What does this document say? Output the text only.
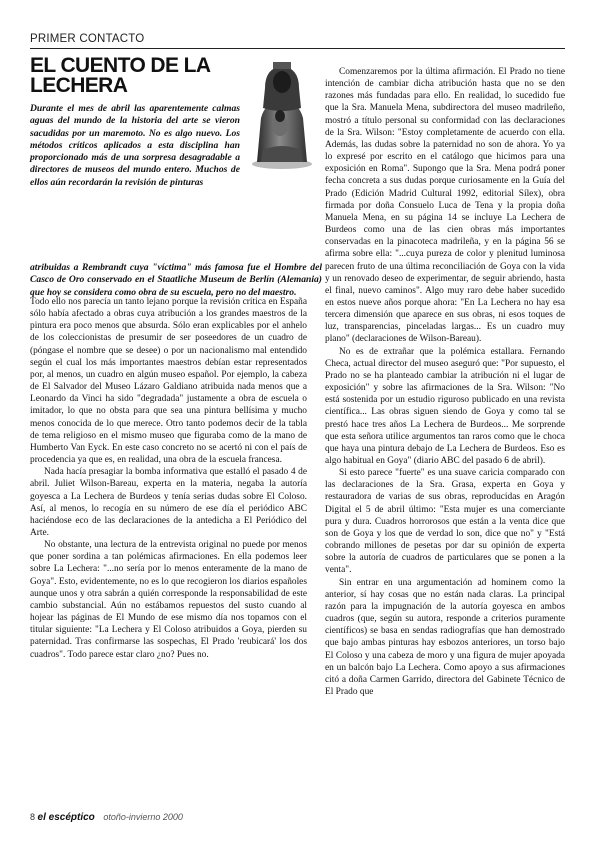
PRIMER CONTACTO
EL CUENTO DE LA LECHERA
Durante el mes de abril las aparentemente calmas aguas del mundo de la historia del arte se vieron sacudidas por un maremoto. No es algo nuevo. Los métodos críticos aplicados a esta disciplina han proporcionado más de una sorpresa desagradable a directores de museos del mundo entero. Muchos de ellos aún recordarán la revisión de pinturas
atribuidas a Rembrandt cuya "víctima" más famosa fue el Hombre del Casco de Oro conservado en el Staatliche Museum de Berlín (Alemania) que hoy se considera como obra de su escuela, pero no del maestro.

Todo ello nos parecía un tanto lejano porque la revisión crítica en España sólo había afectado a obras cuya atribución a los grandes maestros de la pintura era poco menos que absurda. Sólo eran explicables por el anhelo de los coleccionistas de presumir de ser poseedores de un cuadro de (póngase el nombre que se desee) o por un nacionalismo mal entendido según el cual los más importantes maestros debían estar representados por, al menos, un cuadro en algún museo español. Por ejemplo, la cabeza de El Salvador del Museo Lázaro Galdiano atribuida nada menos que a Leonardo da Vinci ha sido "degradada" justamente a obra de escuela o imitador, lo que no obsta para que sea una pintura bellísima y mucho menos conocida de lo que merece. Otro tanto podemos decir de la tabla de tema religioso en el mismo museo que figuraba como de la mano de Humberto Van Eyck. En este caso concreto no se acertó ni con el país de procedencia ya que es, en realidad, una obra de la escuela francesa.

Nada hacía presagiar la bomba informativa que estalló el pasado 4 de abril. Juliet Wilson-Bareau, experta en la materia, negaba la autoría goyesca a La Lechera de Burdeos y tenía serias dudas sobre El Coloso. Así, al menos, lo recogía en su número de ese día el periódico ABC haciéndose eco de las declaraciones de la antedicha a El Periódico del Arte.

No obstante, una lectura de la entrevista original no puede por menos que poner sordina a tan polémicas afirmaciones. En ella podemos leer sobre La Lechera: "...no sería por lo menos enteramente de la mano de Goya". Esto, evidentemente, no es lo que recogieron los diarios españoles aunque unos y otra sabrán a quién corresponde la responsabilidad de este cambio substancial. Aún no estábamos repuestos del susto cuando al hojear las páginas de El Mundo de ese mismo día nos topamos con el titular siguiente: "La Lechera y El Coloso atribuidos a Goya, pierden su paternidad. Tras confirmarse las sospechas, El Prado 'reubicará' los dos cuadros". Todo parece estar claro ¿no? Pues no.

Comenzaremos por la última afirmación. El Prado no tiene intención de cambiar dicha atribución hasta que no se den razones más fundadas para ello. En realidad, lo sucedido fue que la Sra. Manuela Mena, subdirectora del museo madrileño, mostró a título personal su conformidad con las declaraciones de la Sra. Wilson: "Estoy completamente de acuerdo con ella. Además, las dudas sobre la paternidad no son de ahora. Yo ya lo expresé por escrito en el catálogo que hicimos para una exposición en Roma". Supongo que la Sra. Mena podrá poner fecha concreta a sus dudas porque curiosamente en la Guía del Prado (Edición Madrid Cultural 1992, editorial Sílex), obra firmada por doña Consuelo Luca de Tena y la propia doña Manuela Mena, en su página 14 se incluye La Lechera de Burdeos como una de las cien obras más importantes conservadas en la pinacoteca madrileña, y en la página 56 se afirma sobre ella: "...cuya pureza de color y plenitud luminosa parecen fruto de una última reconciliación de Goya con la vida y un renovado deseo de experimentar, de seguir abriendo, hasta el final, nuevo caminos". Algo muy raro debe haber sucedido en estos nueve años porque ahora: "En La Lechera no hay esa tercera dimensión que aparece en sus obras, ni esos toques de luz, transparencias, pinceladas largas... Es un cuadro muy plano" (declaraciones de Wilson-Bareau).

No es de extrañar que la polémica estallara. Fernando Checa, actual director del museo aseguró que: "Por supuesto, el Prado no se ha planteado cambiar la atribución ni el lugar de exposición" y sobre las afirmaciones de la Sra. Wilson: "No está sostenida por un estudio riguroso publicado en una revista científica... Las obras siguen siendo de Goya y como tal se prestó hace tres años La Lechera de Burdeos... Me sorprende que esta señora utilice argumentos tan raros como que le choca que haya una pintura debajo de La Lechera de Burdeos. Eso es algo habitual en Goya" (diario ABC del pasado 6 de abril).

Si esto parece "fuerte" es una suave caricia comparado con las declaraciones de la Sra. Grasa, experta en Goya y restauradora de varias de sus obras, reproducidas en Aragón Digital el 5 de abril último: "Esta mujer es una comerciante pura y dura. Cuadros horrorosos que están a la venta dice que son de Goya y los que de verdad lo son, dice que no" y "Está cobrando millones de pesetas por dar su opinión de experta sobre la autoría de cuadros de particulares que se ponen a la venta".

Sin entrar en una argumentación ad hominem como la anterior, sí hay cosas que no están nada claras. La principal razón para la impugnación de la autoría goyesca en ambos cuadros (que, según su autora, responde a criterios puramente científicos) se basa en sendas radiografías que han demostrado que bajo ambas pinturas hay esbozos anteriores, un torso bajo El Coloso y una cabeza de moro y una figura de mujer apoyada en un balcón bajo La Lechera. Como apoyo a sus afirmaciones citó a doña Carmen Garrido, directora del Gabinete Técnico de El Prado que

8 el escéptico otoño-invierno 2000
